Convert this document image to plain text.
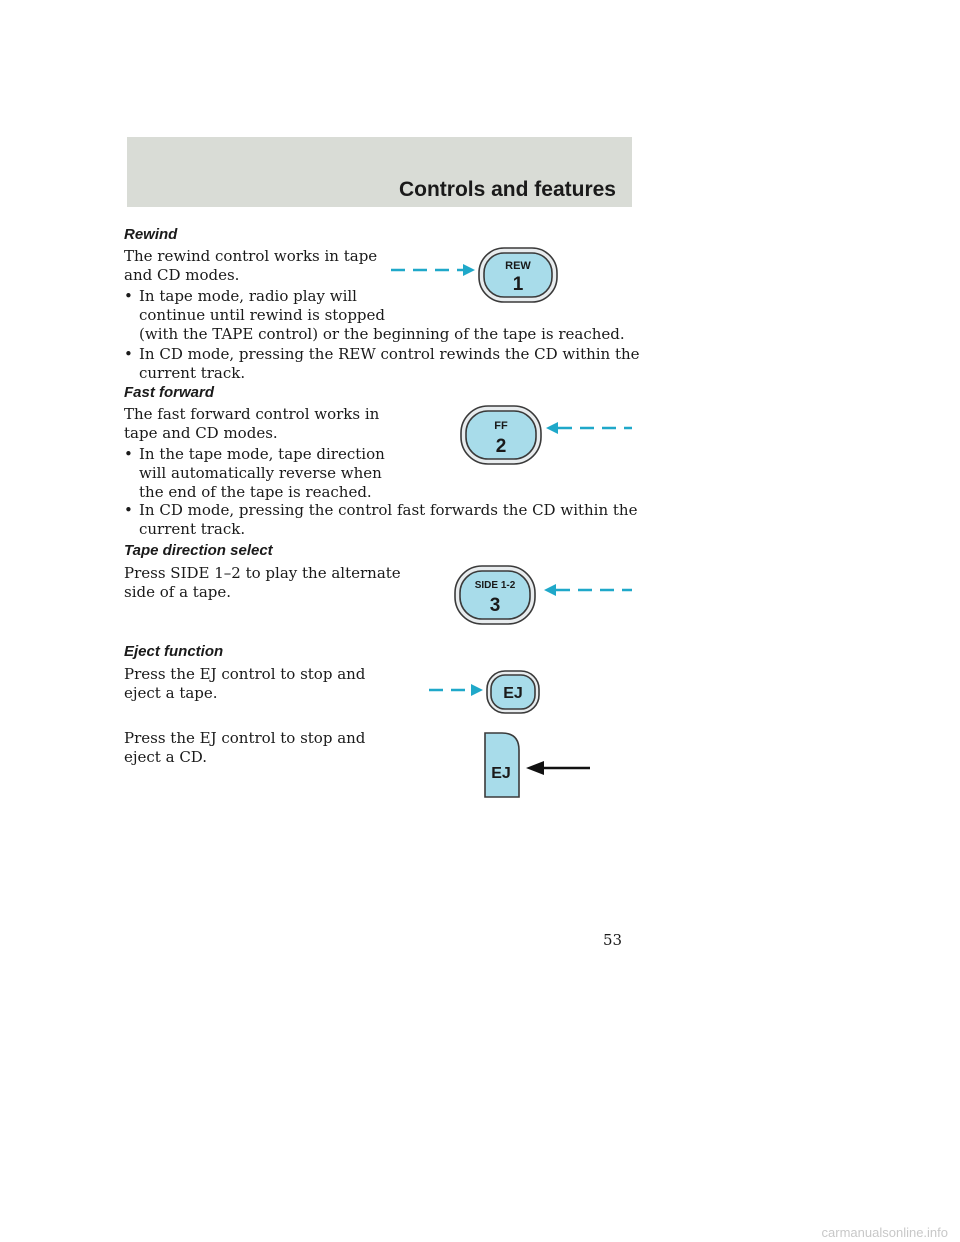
Controls and features
Rewind
The rewind control works in tape
and CD modes.
• In tape mode, radio play will
continue until rewind is stopped
(with the TAPE control) or the beginning of the tape is reached.
• In CD mode, pressing the REW control rewinds the CD within the
current track.
REW
1
Fast forward
The fast forward control works in
tape and CD modes.
• In the tape mode, tape direction
will automatically reverse when
the end of the tape is reached.
• In CD mode, pressing the control fast forwards the CD within the
current track.
FF
2
Tape direction select
Press SIDE 1–2 to play the alternate
side of a tape.	SIDE 1-2
3
Eject function
Press the EJ control to stop and
eject a tape.	EJ
Press the EJ control to stop and
eject a CD.
EJ
53
carmanualsonline.info
